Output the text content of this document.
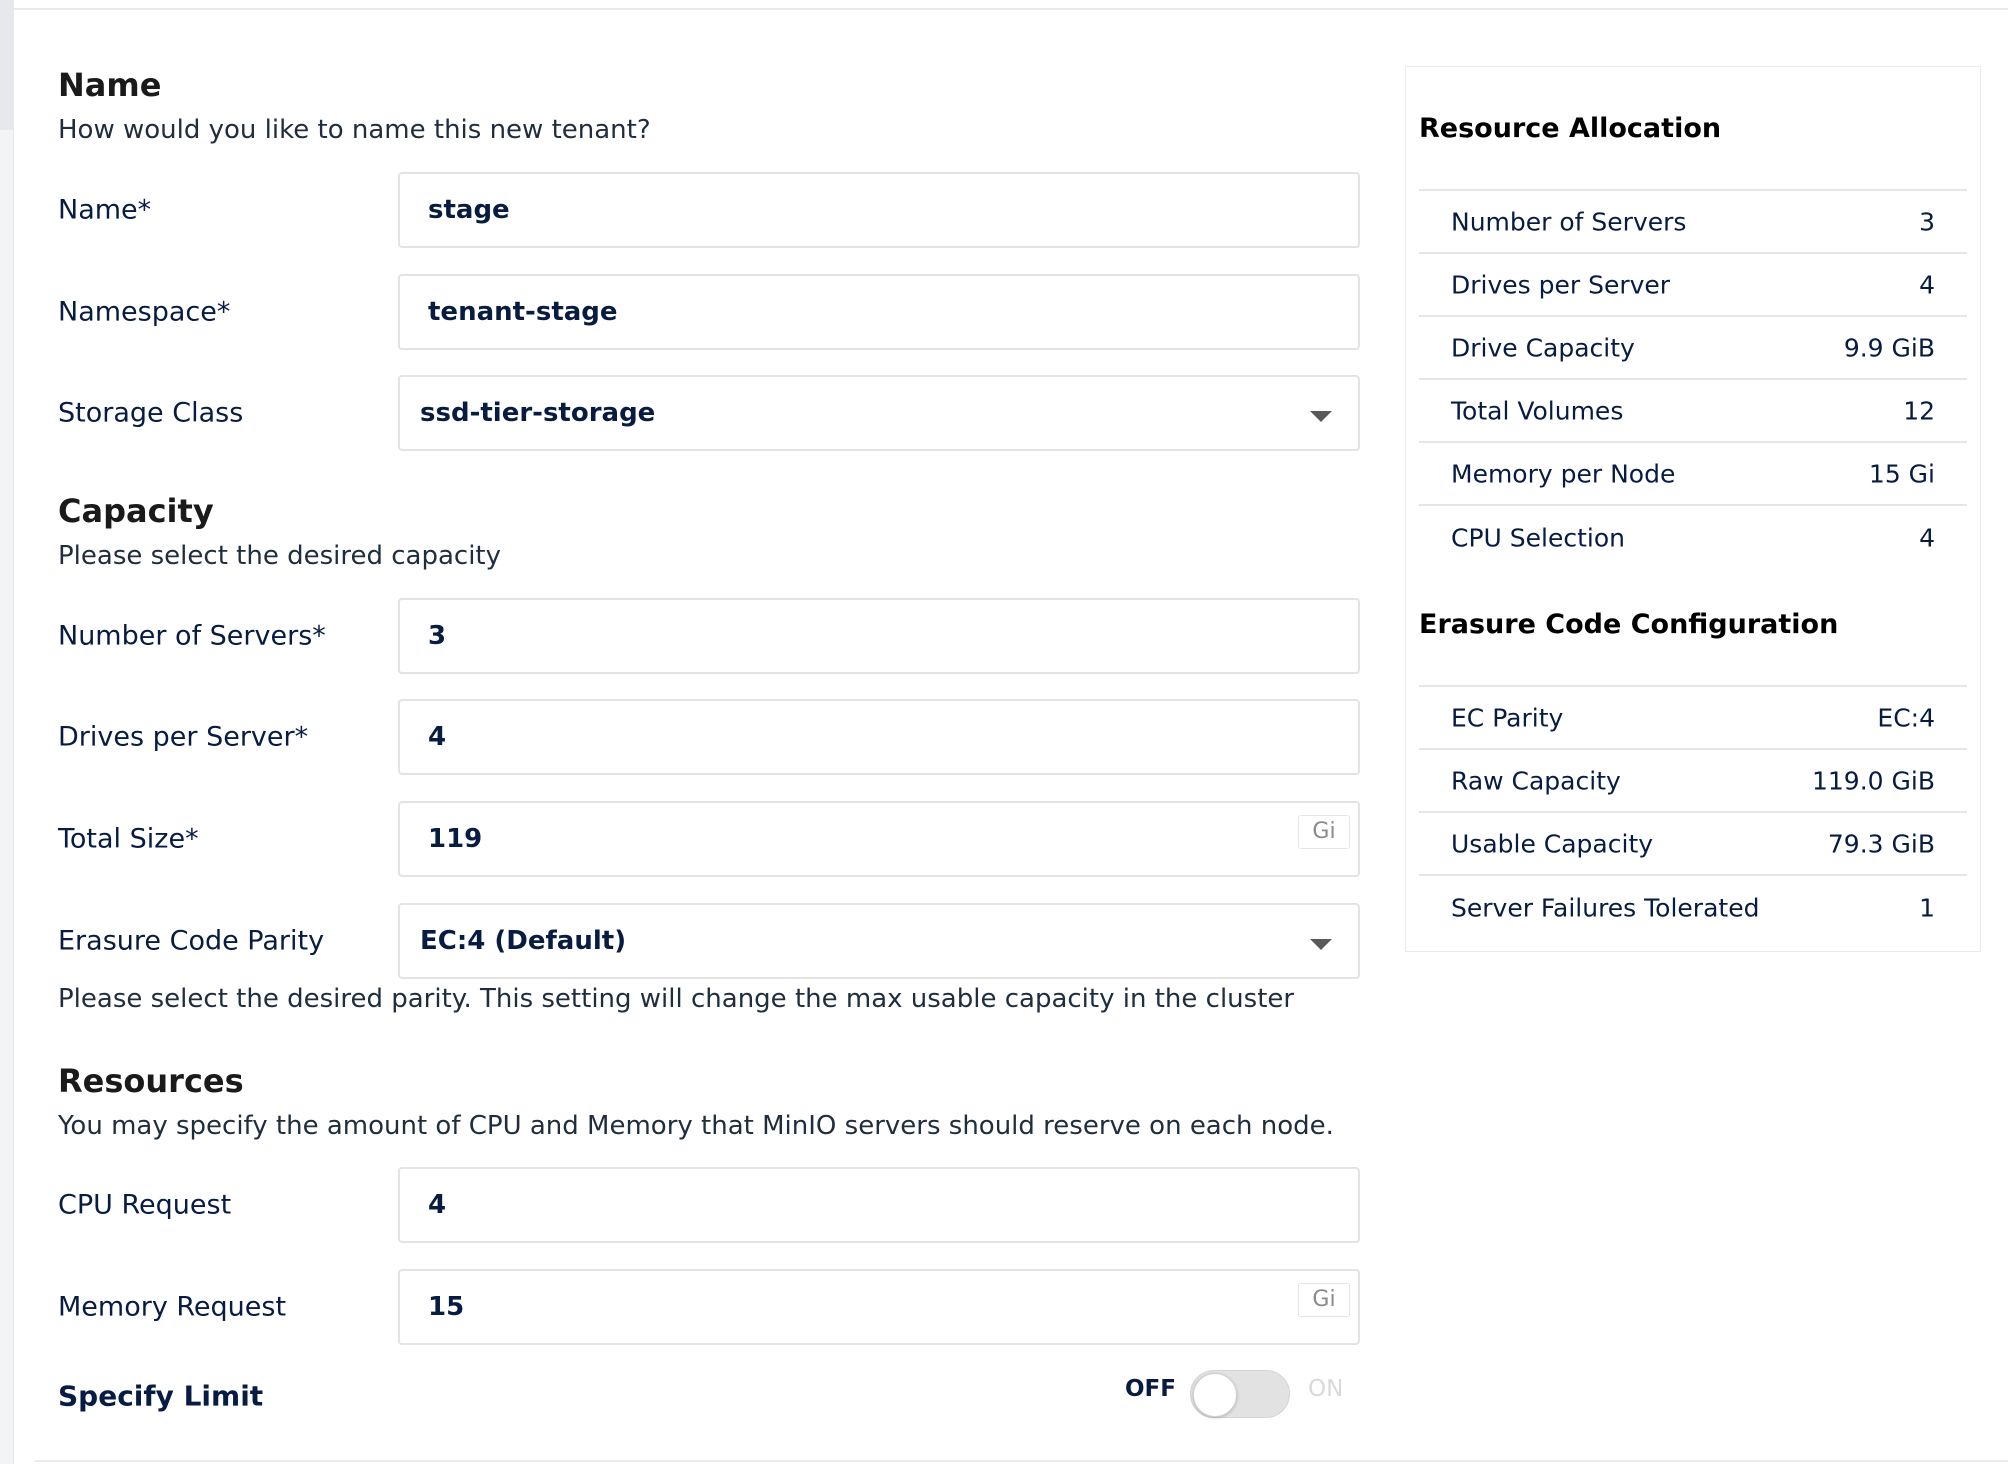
Name
How would you like to name this new tenant?
Name*	stage
Namespace*	tenant-stage
Storage Class	ssd-tier-storage
Capacity
Please select the desired capacity
Number of Servers*	3
Drives per Server*	4
Total Size*	119	Gi
Erasure Code Parity	EC:4 (Default)
Please select the desired parity. This setting will change the max usable capacity in the cluster
Resources
You may specify the amount of CPU and Memory that MinIO servers should reserve on each node.
CPU Request	4
Memory Request	15	Gi
Specify Limit	OFF	ON
Resource Allocation
Number of Servers	3
Drives per Server	4
Drive Capacity	9.9 GiB
Total Volumes	12
Memory per Node	15 Gi
CPU Selection	4
Erasure Code Configuration
EC Parity	EC:4
Raw Capacity	119.0 GiB
Usable Capacity	79.3 GiB
Server Failures Tolerated	1
